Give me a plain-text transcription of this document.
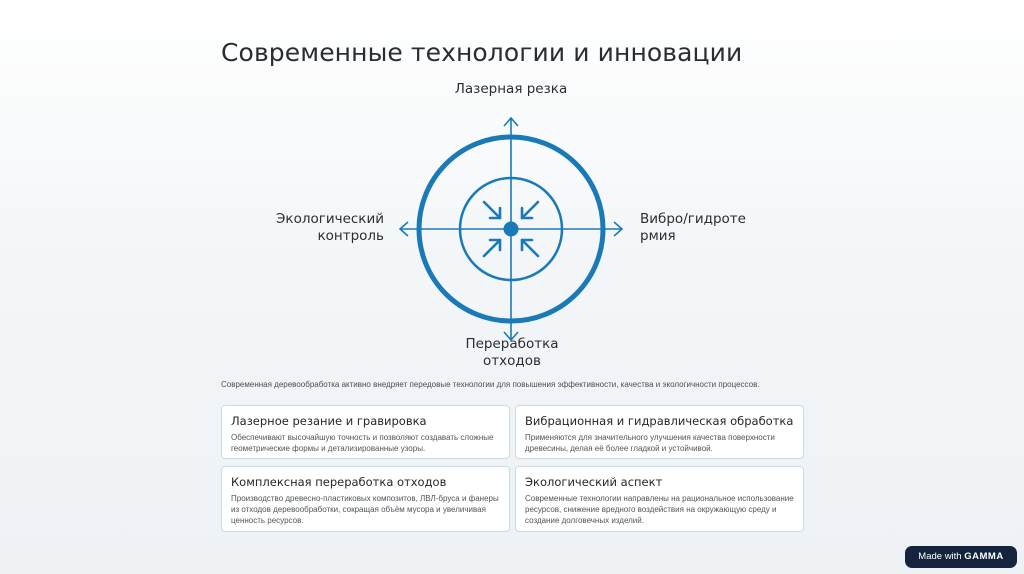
Современные технологии и инновации
Лазерная резка
Экологический контроль
Вибро/гидротермия
Переработка отходов
Современная деревообработка активно внедряет передовые технологии для повышения эффективности, качества и экологичности процессов.
Лазерное резание и гравировка

Обеспечивают высочайшую точность и позволяют создавать сложные геометрические формы и детализированные узоры.

Вибрационная и гидравлическая обработка

Применяются для значительного улучшения качества поверхности древесины, делая её более гладкой и устойчивой.

Комплексная переработка отходов

Производство древесно-пластиковых композитов, ЛВЛ-бруса и фанеры из отходов деревообработки, сокращая объём мусора и увеличивая ценность ресурсов.

Экологический аспект

Современные технологии направлены на рациональное использование ресурсов, снижение вредного воздействия на окружающую среду и создание долговечных изделий.

Made with GAMMA
